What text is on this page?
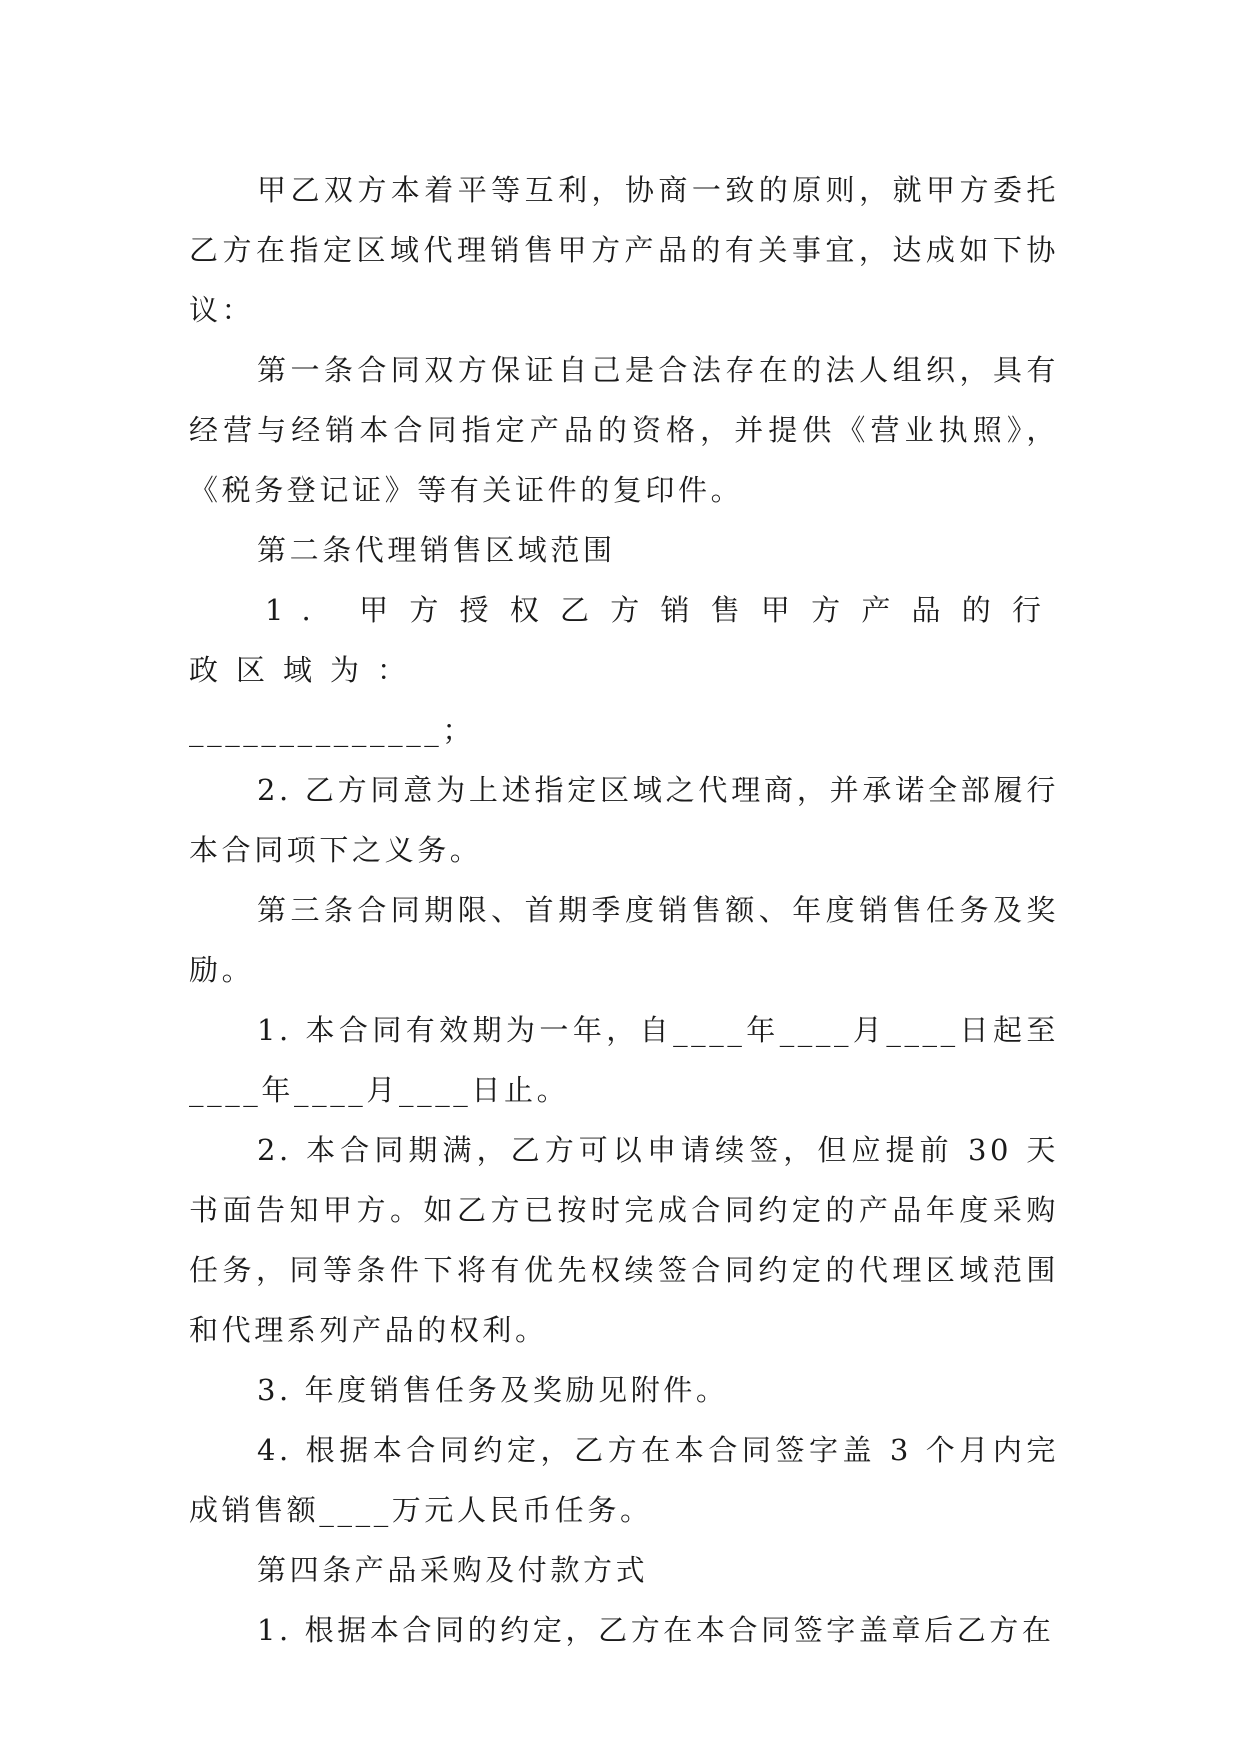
甲乙双方本着平等互利，协商一致的原则，就甲方委托乙方在指定区域代理销售甲方产品的有关事宜，达成如下协议：

第一条合同双方保证自己是合法存在的法人组织，具有经营与经销本合同指定产品的资格，并提供《营业执照》，《税务登记证》等有关证件的复印件。

第二条代理销售区域范围

1. 甲方授权乙方销售甲方产品的行政区域为：

______________；

2. 乙方同意为上述指定区域之代理商，并承诺全部履行本合同项下之义务。

第三条合同期限、首期季度销售额、年度销售任务及奖励。

1. 本合同有效期为一年，自____年____月____日起至____年____月____日止。

2. 本合同期满，乙方可以申请续签，但应提前 30 天书面告知甲方。如乙方已按时完成合同约定的产品年度采购任务，同等条件下将有优先权续签合同约定的代理区域范围和代理系列产品的权利。

3. 年度销售任务及奖励见附件。

4. 根据本合同约定，乙方在本合同签字盖 3 个月内完成销售额____万元人民币任务。

第四条产品采购及付款方式

1. 根据本合同的约定，乙方在本合同签字盖章后乙方在
